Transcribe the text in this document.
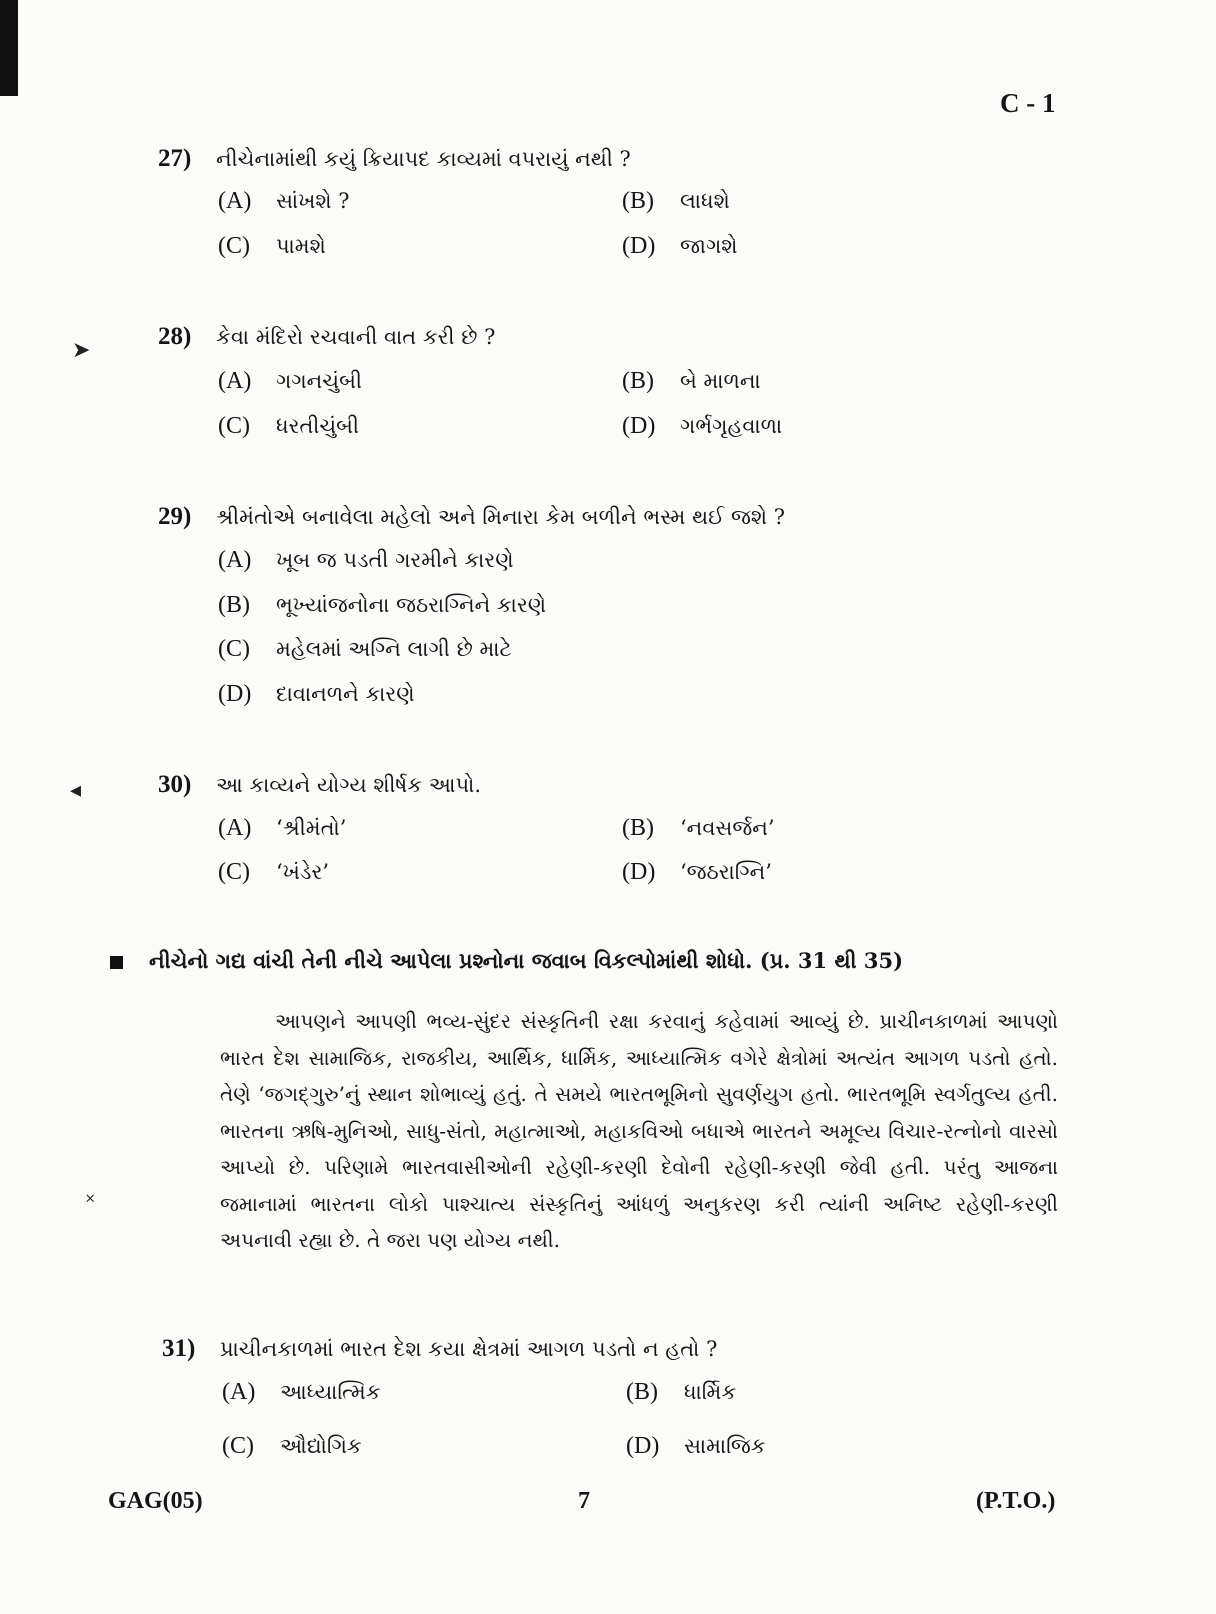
C - 1
27) નીચેનામાંથી કયું ક્રિયાપદ કાવ્યમાં વપરાયું નથી ?
(A) સાંખશે ?	(B) લાધશે
(C) પામશે	(D) જાગશે
28) કેવા મંદિરો રચવાની વાત કરી છે ?
(A) ગગનચુંબી	(B) બે માળના
(C) ધરતીચુંબી	(D) ગર્ભગૃહવાળા
29) શ્રીમંતોએ બનાવેલા મહેલો અને મિનારા કેમ બળીને ભસ્મ થઈ જશે ?
(A) ખૂબ જ પડતી ગરમીને કારણે
(B) ભૂખ્યાંજનોના જઠરાગ્નિને કારણે
(C) મહેલમાં અગ્નિ લાગી છે માટે
(D) દાવાનળને કારણે
30) આ કાવ્યને યોગ્ય શીર્ષક આપો.
(A) ‘શ્રીમંતો’	(B) ‘નવસર્જન’
(C) ‘ખંડેર’	(D) ‘જઠરાગ્નિ’
નીચેનો ગદ્ય વાંચી તેની નીચે આપેલા પ્રશ્નોના જવાબ વિકલ્પોમાંથી શોધો. (પ્ર. 31 થી 35)

આપણને આપણી ભવ્ય-સુંદર સંસ્કૃતિની રક્ષા કરવાનું કહેવામાં આવ્યું છે. પ્રાચીનકાળમાં આપણો ભારત દેશ સામાજિક, રાજકીય, આર્થિક, ધાર્મિક, આધ્યાત્મિક વગેરે ક્ષેત્રોમાં અત્યંત આગળ પડતો હતો. તેણે ‘જગદ્ગુરુ’નું સ્થાન શોભાવ્યું હતું. તે સમયે ભારતભૂમિનો સુવર્ણયુગ હતો. ભારતભૂમિ સ્વર્ગતુલ્ય હતી. ભારતના ઋષિ-મુનિઓ, સાધુ-સંતો, મહાત્માઓ, મહાકવિઓ બધાએ ભારતને અમૂલ્ય વિચાર-રત્નોનો વારસો આપ્યો છે. પરિણામે ભારતવાસીઓની રહેણી-કરણી દેવોની રહેણી-કરણી જેવી હતી. પરંતુ આજના જમાનામાં ભારતના લોકો પાશ્ચાત્ય સંસ્કૃતિનું આંધળું અનુકરણ કરી ત્યાંની અનિષ્ટ રહેણી-કરણી અપનાવી રહ્યા છે. તે જરા પણ યોગ્ય નથી.

31) પ્રાચીનકાળમાં ભારત દેશ કયા ક્ષેત્રમાં આગળ પડતો ન હતો ?
(A) આધ્યાત્મિક	(B) ધાર્મિક
(C) ઔદ્યોગિક	(D) સામાજિક
GAG(05)	7	(P.T.O.)
➤
◂
˟
